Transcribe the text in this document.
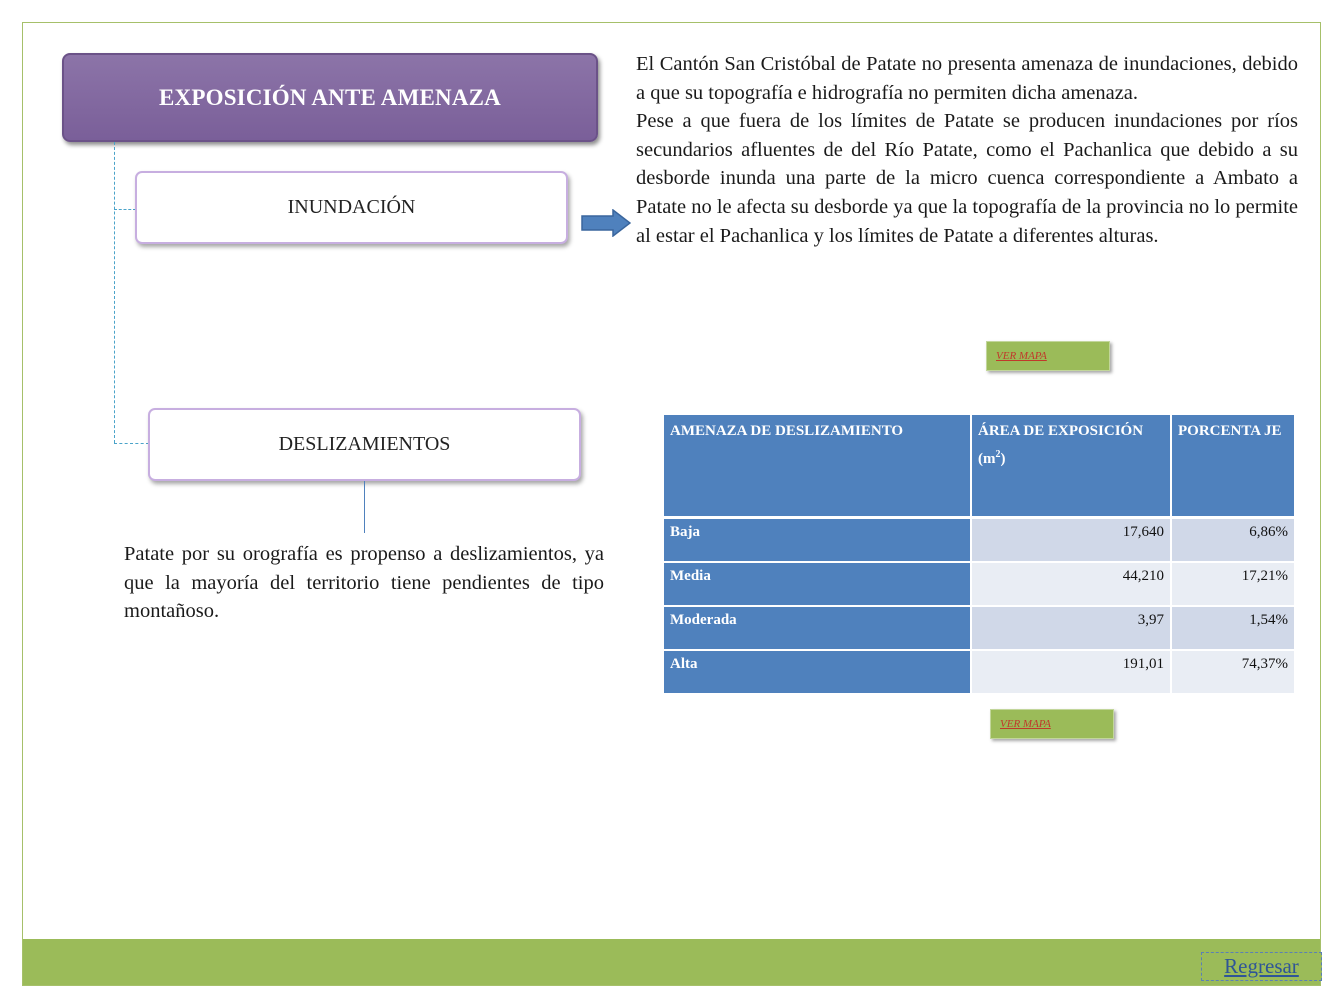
EXPOSICIÓN ANTE AMENAZA
INUNDACIÓN
DESLIZAMIENTOS

El Cantón San Cristóbal de Patate no presenta amenaza de inundaciones, debido a que su topografía e hidrografía no permiten dicha amenaza.

Pese a que fuera de los límites de Patate se producen inundaciones por ríos secundarios afluentes de del Río Patate, como el Pachanlica que debido a su desborde inunda una parte de la micro cuenca correspondiente a Ambato a Patate no le afecta su desborde ya que la topografía de la provincia no lo permite al estar el Pachanlica y los límites de Patate a diferentes alturas.

VER MAPA
AMENAZA DE DESLIZAMIENTO	ÁREA DE EXPOSICIÓN $(m^2)$	PORCENTA JE
Baja	17,640	6,86%
Media	44,210	17,21%
Moderada	3,97	1,54%
Alta	191,01	74,37%
VER MAPA

Patate por su orografía es propenso a deslizamientos, ya que la mayoría del territorio tiene pendientes de tipo montañoso.

Regresar
